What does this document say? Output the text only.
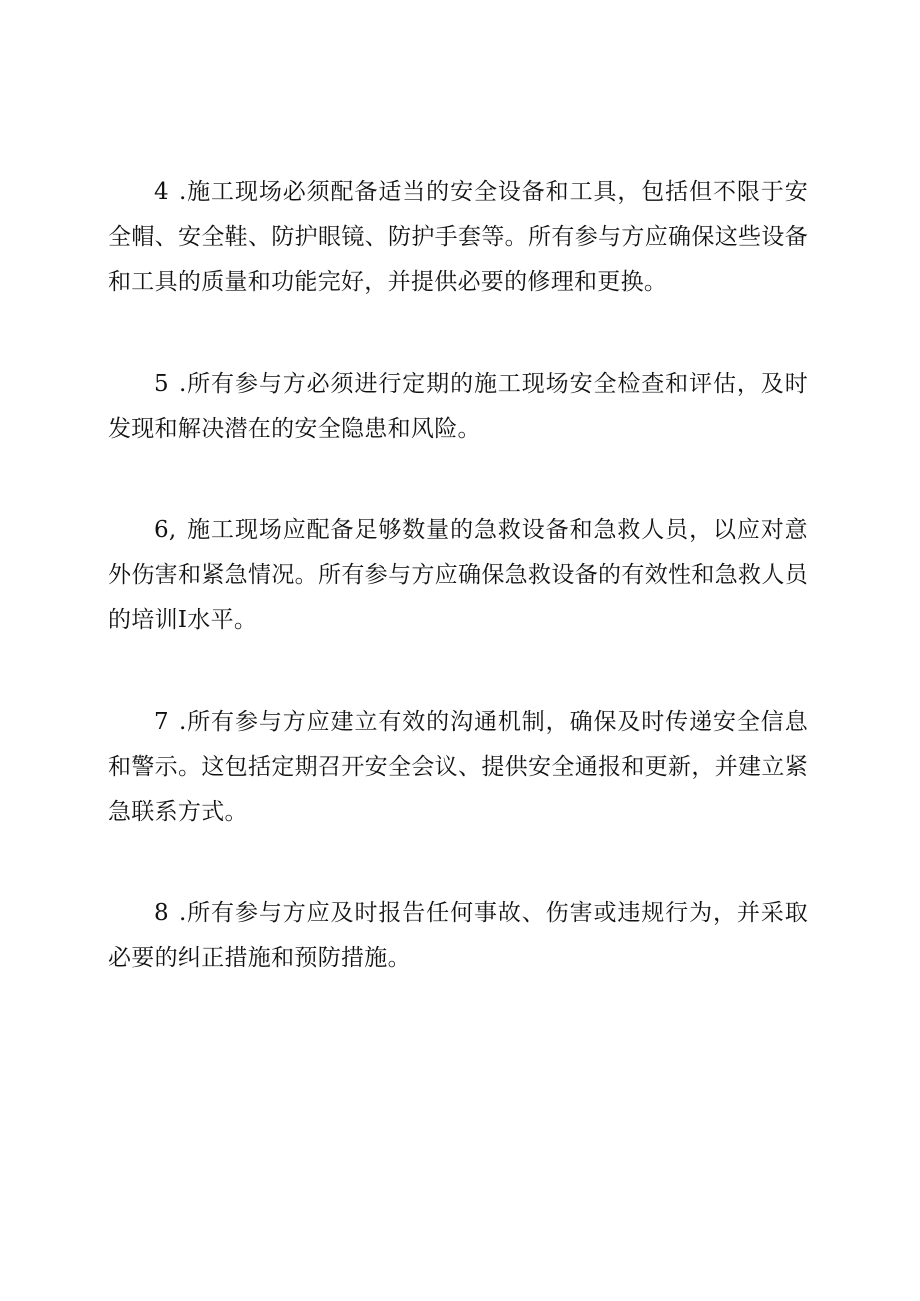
4 .施工现场必须配备适当的安全设备和工具，包括但不限于安全帽、安全鞋、防护眼镜、防护手套等。所有参与方应确保这些设备和工具的质量和功能完好，并提供必要的修理和更换。

5 .所有参与方必须进行定期的施工现场安全检查和评估，及时发现和解决潜在的安全隐患和风险。

6, 施工现场应配备足够数量的急救设备和急救人员，以应对意外伤害和紧急情况。所有参与方应确保急救设备的有效性和急救人员的培训I水平。

7 .所有参与方应建立有效的沟通机制，确保及时传递安全信息和警示。这包括定期召开安全会议、提供安全通报和更新，并建立紧急联系方式。

8 .所有参与方应及时报告任何事故、伤害或违规行为，并采取必要的纠正措施和预防措施。
